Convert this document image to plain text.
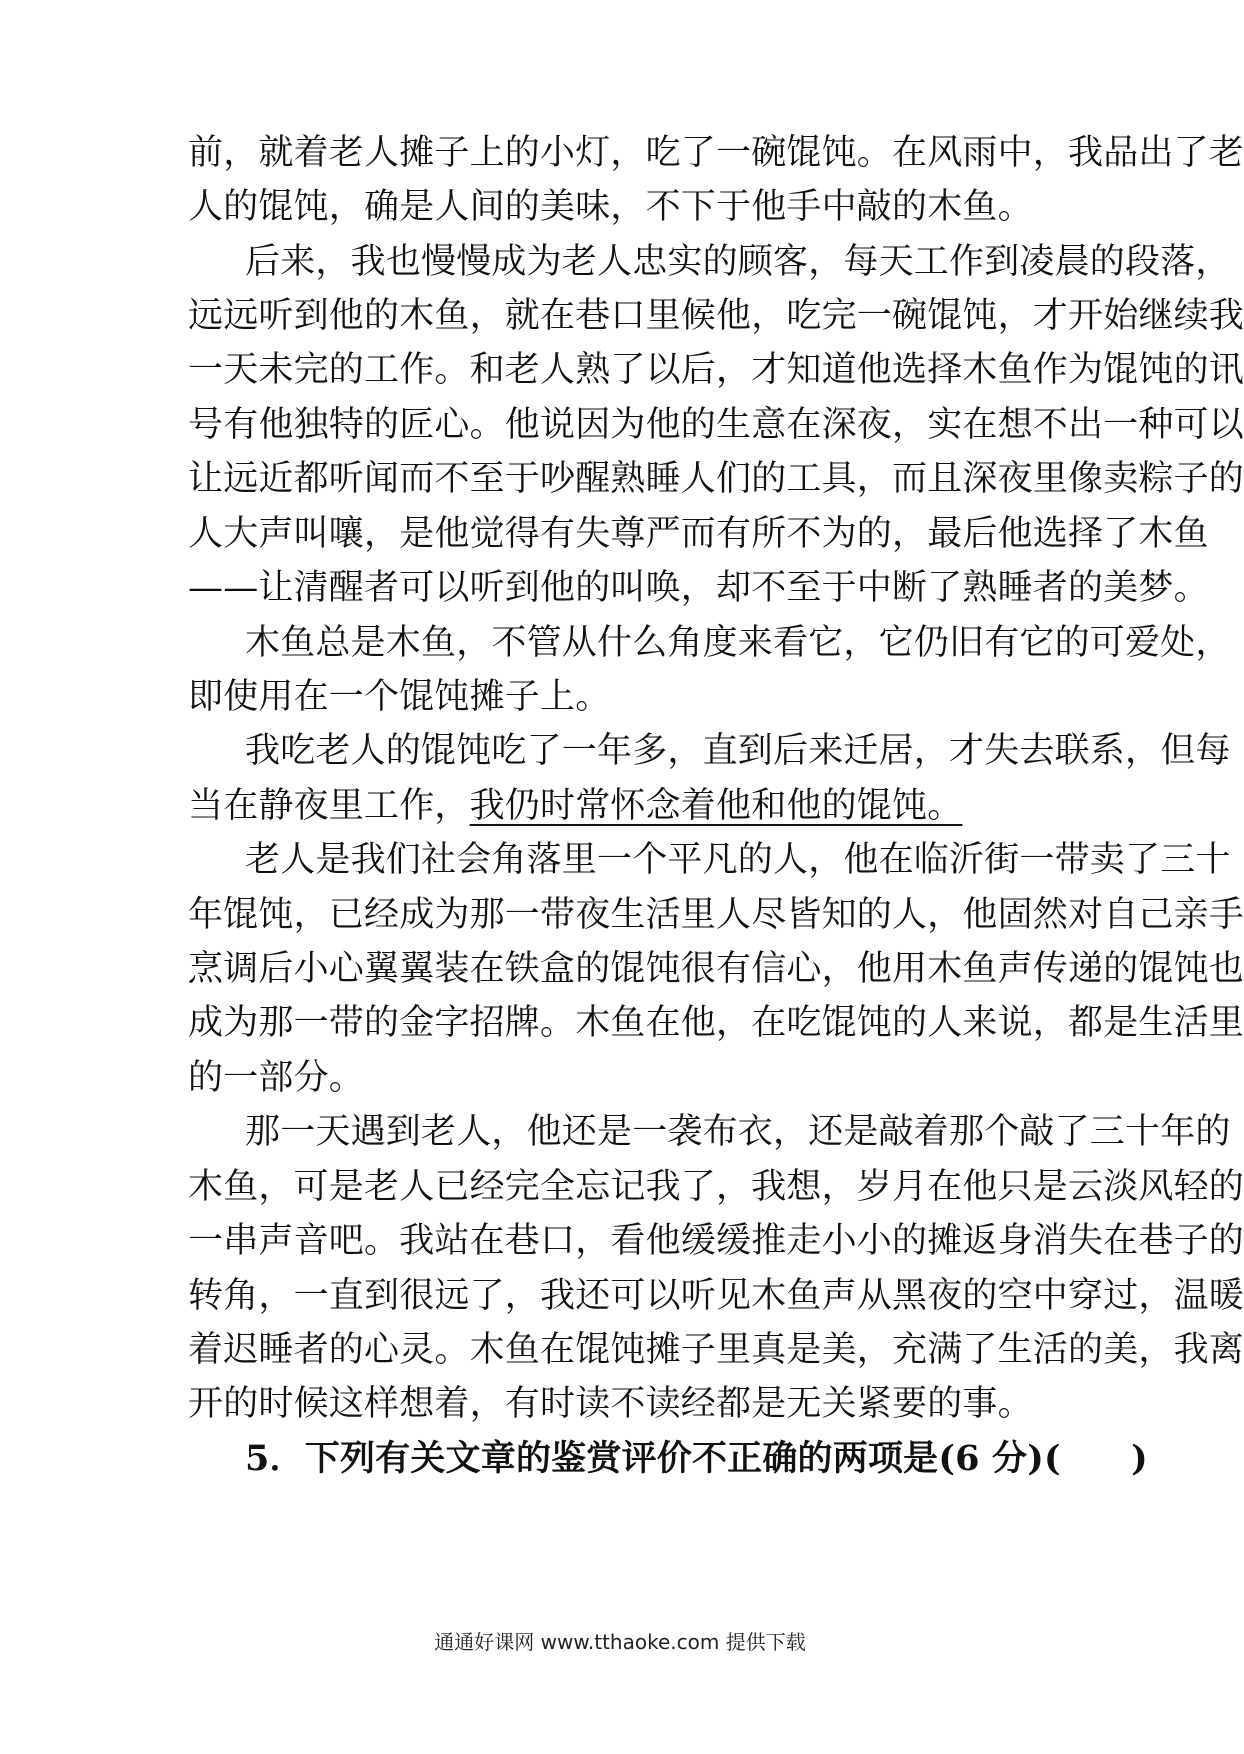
前，就着老人摊子上的小灯，吃了一碗馄饨。在风雨中，我品出了老
人的馄饨，确是人间的美味，不下于他手中敲的木鱼。
后来，我也慢慢成为老人忠实的顾客，每天工作到凌晨的段落，
远远听到他的木鱼，就在巷口里候他，吃完一碗馄饨，才开始继续我
一天未完的工作。和老人熟了以后，才知道他选择木鱼作为馄饨的讯
号有他独特的匠心。他说因为他的生意在深夜，实在想不出一种可以
让远近都听闻而不至于吵醒熟睡人们的工具，而且深夜里像卖粽子的
人大声叫嚷，是他觉得有失尊严而有所不为的，最后他选择了木鱼
——让清醒者可以听到他的叫唤，却不至于中断了熟睡者的美梦。
木鱼总是木鱼，不管从什么角度来看它，它仍旧有它的可爱处，
即使用在一个馄饨摊子上。
我吃老人的馄饨吃了一年多，直到后来迁居，才失去联系，但每
当在静夜里工作，我仍时常怀念着他和他的馄饨。
老人是我们社会角落里一个平凡的人，他在临沂街一带卖了三十
年馄饨，已经成为那一带夜生活里人尽皆知的人，他固然对自己亲手
烹调后小心翼翼装在铁盒的馄饨很有信心，他用木鱼声传递的馄饨也
成为那一带的金字招牌。木鱼在他，在吃馄饨的人来说，都是生活里
的一部分。
那一天遇到老人，他还是一袭布衣，还是敲着那个敲了三十年的
木鱼，可是老人已经完全忘记我了，我想，岁月在他只是云淡风轻的
一串声音吧。我站在巷口，看他缓缓推走小小的摊返身消失在巷子的
转角，一直到很远了，我还可以听见木鱼声从黑夜的空中穿过，温暖
着迟睡者的心灵。木鱼在馄饨摊子里真是美，充满了生活的美，我离
开的时候这样想着，有时读不读经都是无关紧要的事。
5．下列有关文章的鉴赏评价不正确的两项是(6 分)(　　)
通通好课网 www.tthaoke.com 提供下载
